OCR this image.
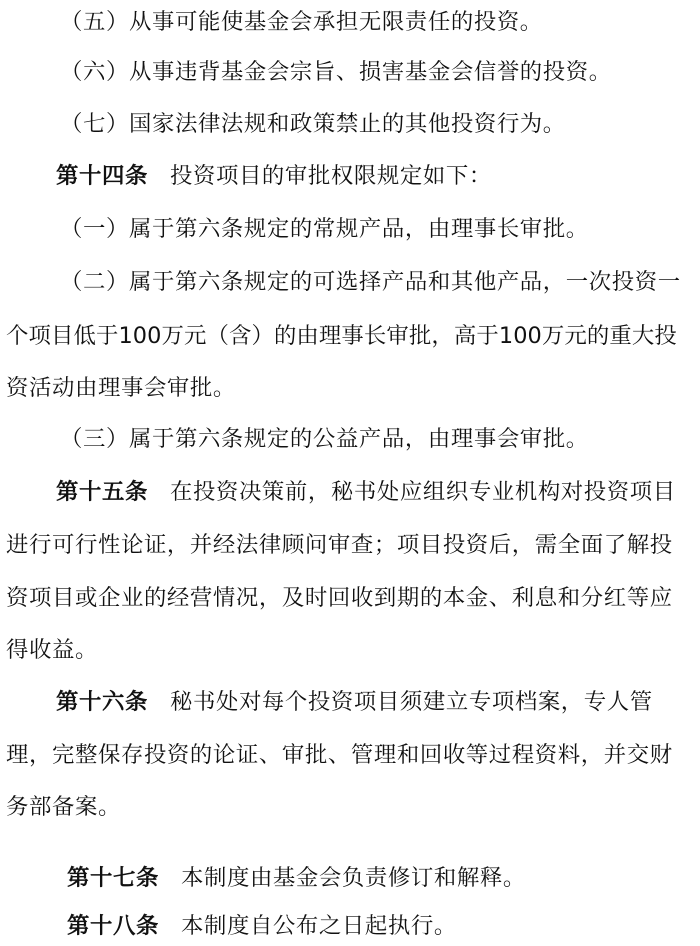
（五）从事可能使基金会承担无限责任的投资。
（六）从事违背基金会宗旨、损害基金会信誉的投资。
（七）国家法律法规和政策禁止的其他投资行为。
第十四条 投资项目的审批权限规定如下：
（一）属于第六条规定的常规产品，由理事长审批。
（二）属于第六条规定的可选择产品和其他产品，一次投资一
个项目低于100万元（含）的由理事长审批，高于100万元的重大投
资活动由理事会审批。
（三）属于第六条规定的公益产品，由理事会审批。
第十五条 在投资决策前，秘书处应组织专业机构对投资项目
进行可行性论证，并经法律顾问审查；项目投资后，需全面了解投
资项目或企业的经营情况，及时回收到期的本金、利息和分红等应
得收益。
第十六条 秘书处对每个投资项目须建立专项档案，专人管
理，完整保存投资的论证、审批、管理和回收等过程资料，并交财
务部备案。
第十七条 本制度由基金会负责修订和解释。
第十八条 本制度自公布之日起执行。
